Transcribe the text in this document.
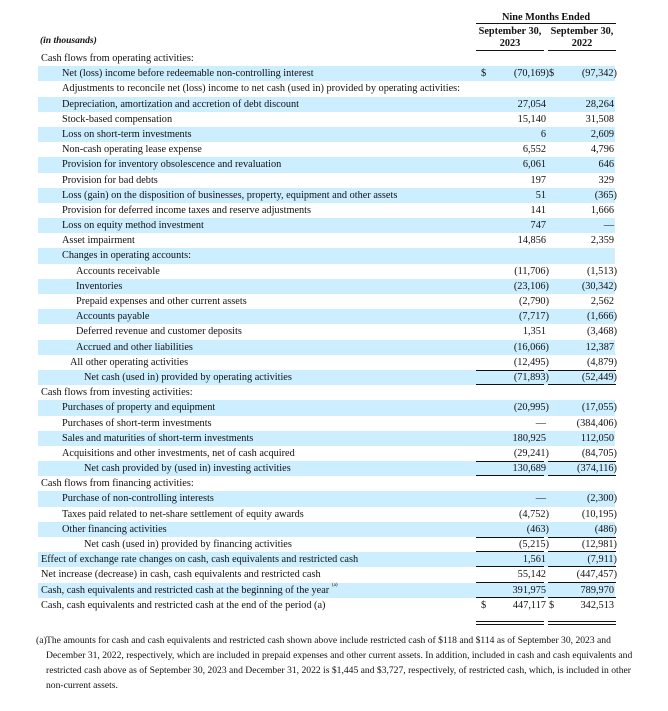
Nine Months Ended
September 30,
2023
September 30,
2022
(in thousands)
Cash flows from operating activities:
Net (loss) income before redeemable non-controlling interest	$	(70,169) $	(97,342)
Adjustments to reconcile net (loss) income to net cash (used in) provided by operating activities:
Depreciation, amortization and accretion of debt discount	27,054	28,264
Stock-based compensation	15,140	31,508
Loss on short-term investments	6	2,609
Non-cash operating lease expense	6,552	4,796
Provision for inventory obsolescence and revaluation	6,061	646
Provision for bad debts	197	329
Loss (gain) on the disposition of businesses, property, equipment and other assets	51	(365)
Provision for deferred income taxes and reserve adjustments	141	1,666
Loss on equity method investment	747	—
Asset impairment	14,856	2,359
Changes in operating accounts:
Accounts receivable	(11,706)	(1,513)
Inventories	(23,106)	(30,342)
Prepaid expenses and other current assets	(2,790)	2,562
Accounts payable	(7,717)	(1,666)
Deferred revenue and customer deposits	1,351	(3,468)
Accrued and other liabilities	(16,066)	12,387
All other operating activities	(12,495)	(4,879)
Net cash (used in) provided by operating activities	(71,893)	(52,449)
Cash flows from investing activities:
Purchases of property and equipment	(20,995)	(17,055)
Purchases of short-term investments	—	(384,406)
Sales and maturities of short-term investments	180,925	112,050
Acquisitions and other investments, net of cash acquired	(29,241)	(84,705)
Net cash provided by (used in) investing activities	130,689	(374,116)
Cash flows from financing activities:
Purchase of non-controlling interests	—	(2,300)
Taxes paid related to net-share settlement of equity awards	(4,752)	(10,195)
Other financing activities	(463)	(486)
Net cash (used in) provided by financing activities	(5,215)	(12,981)
Effect of exchange rate changes on cash, cash equivalents and restricted cash	1,561	(7,911)
Net increase (decrease) in cash, cash equivalents and restricted cash	55,142	(447,457)
Cash, cash equivalents and restricted cash at the beginning of the year (a)	391,975	789,970
Cash, cash equivalents and restricted cash at the end of the period (a)	$	447,117 $	342,513
(a) The amounts for cash and cash equivalents and restricted cash shown above include restricted cash of $118 and $114 as of September 30, 2023 and December 31, 2022, respectively, which are included in prepaid expenses and other current assets. In addition, included in cash and cash equivalents and restricted cash above as of September 30, 2023 and December 31, 2022 is $1,445 and $3,727, respectively, of restricted cash, which, is included in other non-current assets.
